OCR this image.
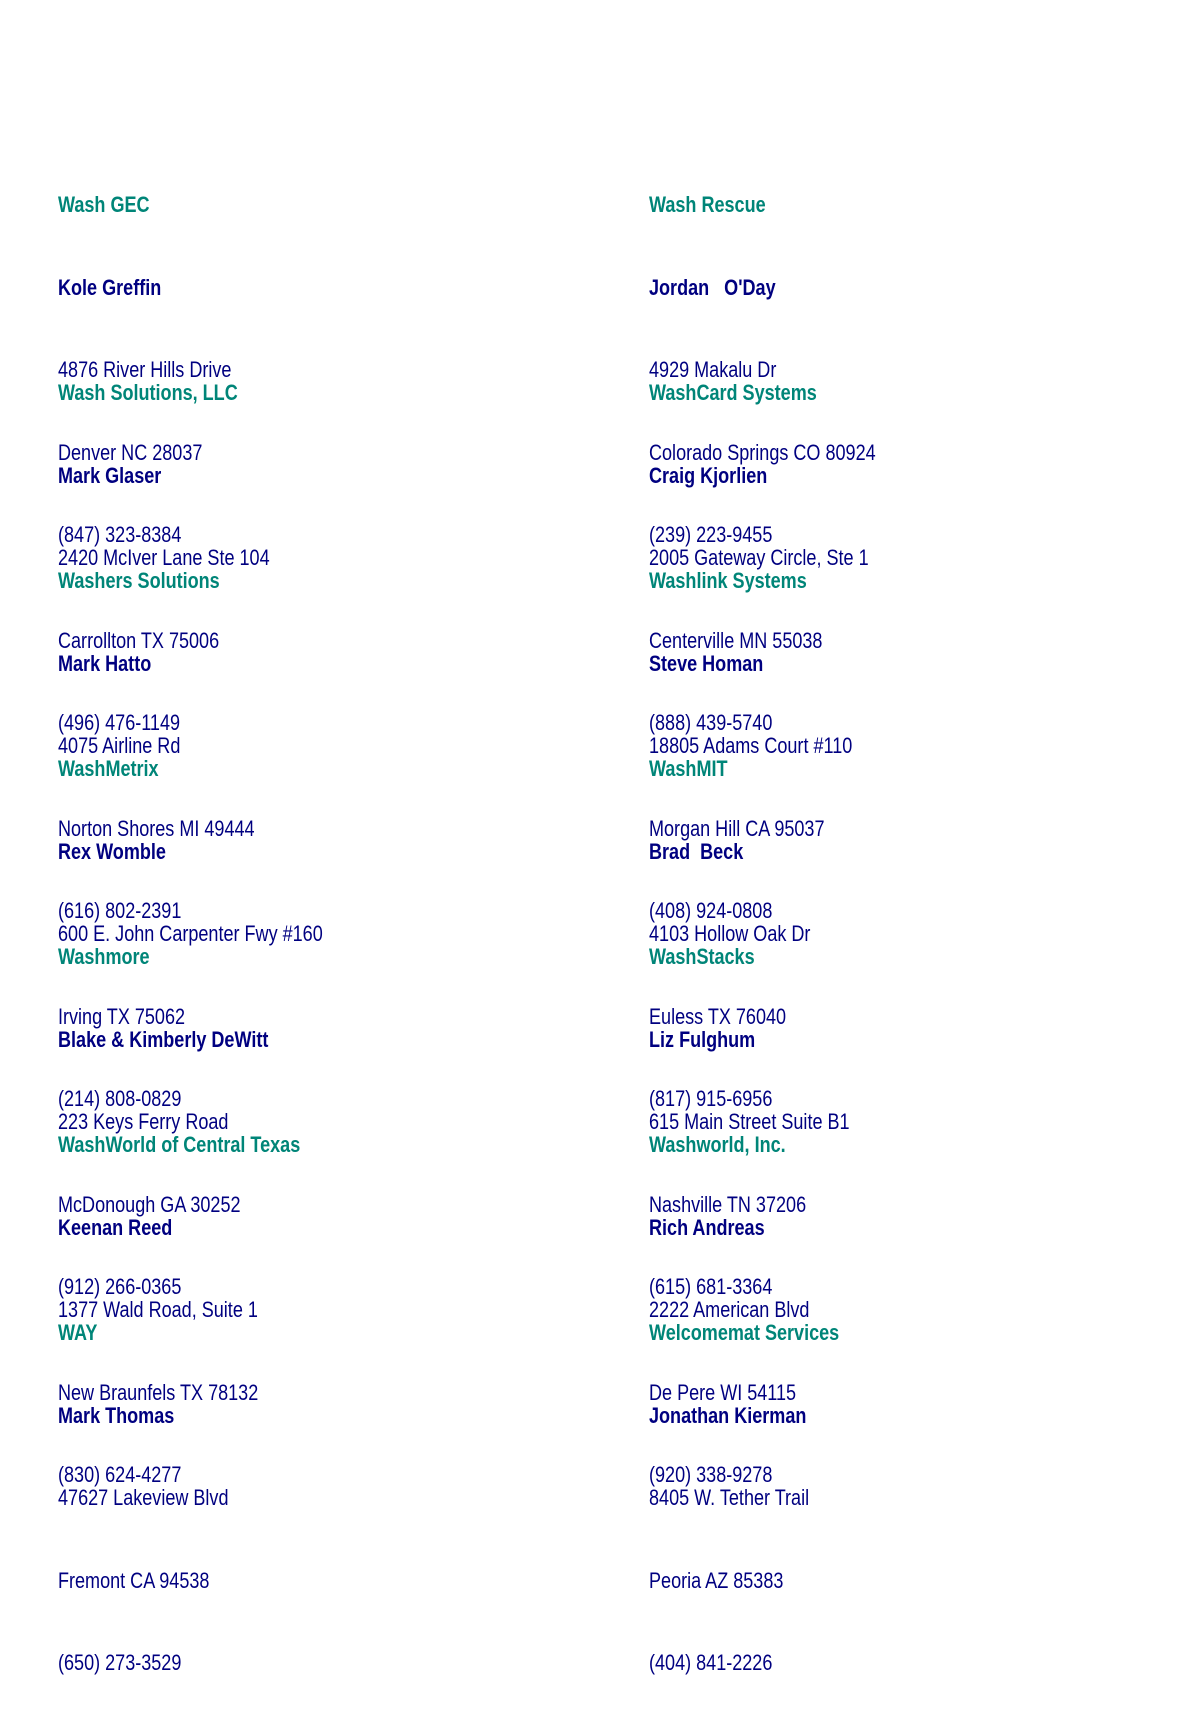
Wash GEC

Kole Greffin

4876 River Hills Drive

Denver NC 28037

(847) 323-8384

Wash Rescue

Jordan   O'Day

4929 Makalu Dr

Colorado Springs CO 80924

(239) 223-9455

Wash Solutions, LLC

Mark Glaser

2420 McIver Lane Ste 104

Carrollton TX 75006

(496) 476-1149

WashCard Systems

Craig Kjorlien

2005 Gateway Circle, Ste 1

Centerville MN 55038

(888) 439-5740

Washers Solutions

Mark Hatto

4075 Airline Rd

Norton Shores MI 49444

(616) 802-2391

Washlink Systems

Steve Homan

18805 Adams Court #110

Morgan Hill CA 95037

(408) 924-0808

WashMetrix

Rex Womble

600 E. John Carpenter Fwy #160

Irving TX 75062

(214) 808-0829

WashMIT

Brad  Beck

4103 Hollow Oak Dr

Euless TX 76040

(817) 915-6956

Washmore

Blake & Kimberly DeWitt

223 Keys Ferry Road

McDonough GA 30252

(912) 266-0365

WashStacks

Liz Fulghum

615 Main Street Suite B1

Nashville TN 37206

(615) 681-3364

WashWorld of Central Texas

Keenan Reed

1377 Wald Road, Suite 1

New Braunfels TX 78132

(830) 624-4277

Washworld, Inc.

Rich Andreas

2222 American Blvd

De Pere WI 54115

(920) 338-9278

WAY

Mark Thomas

47627 Lakeview Blvd

Fremont CA 94538

(650) 273-3529

Welcomemat Services

Jonathan Kierman

8405 W. Tether Trail

Peoria AZ 85383

(404) 841-2226
